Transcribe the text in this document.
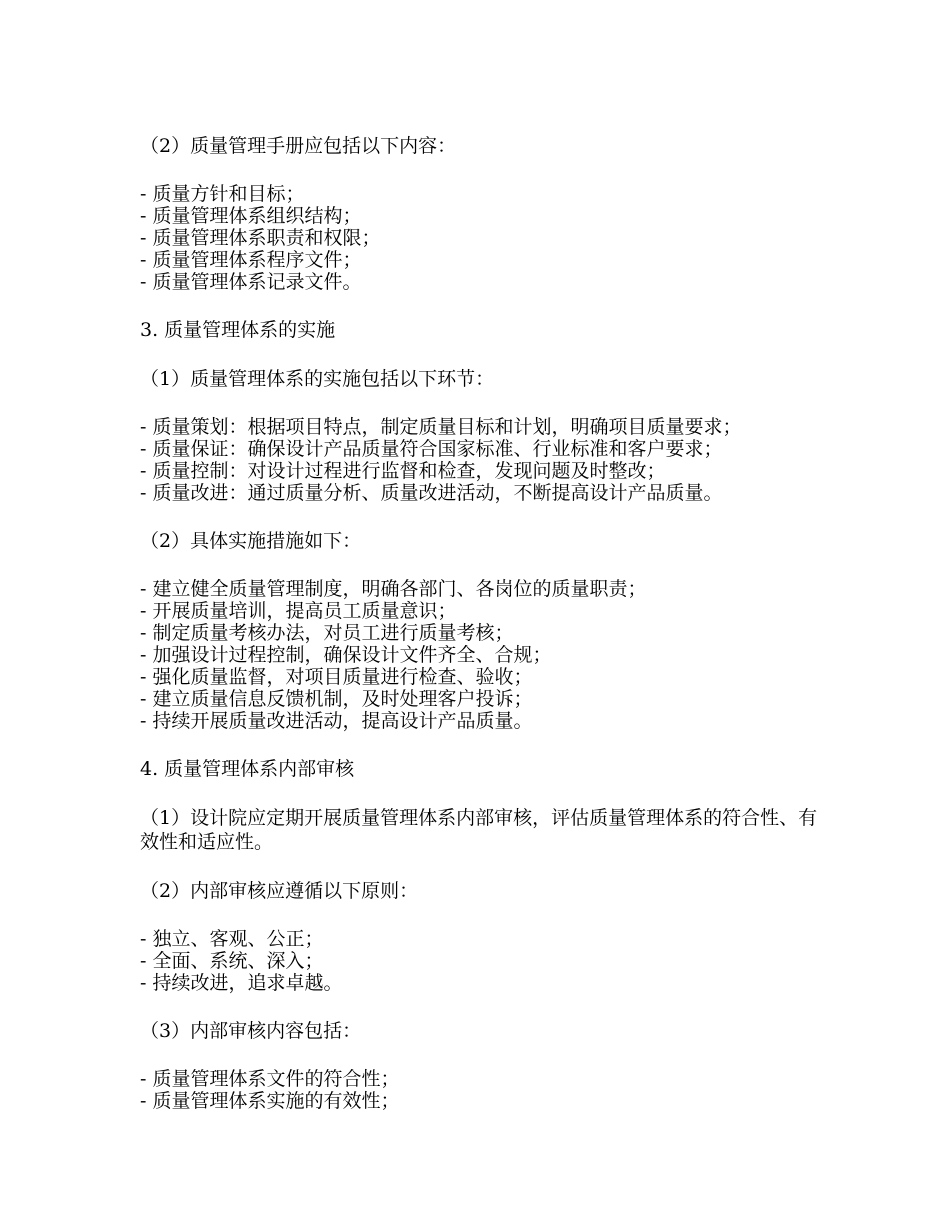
（2）质量管理手册应包括以下内容：

- 质量方针和目标；
- 质量管理体系组织结构；
- 质量管理体系职责和权限；
- 质量管理体系程序文件；
- 质量管理体系记录文件。

3. 质量管理体系的实施

（1）质量管理体系的实施包括以下环节：

- 质量策划：根据项目特点，制定质量目标和计划，明确项目质量要求；
- 质量保证：确保设计产品质量符合国家标准、行业标准和客户要求；
- 质量控制：对设计过程进行监督和检查，发现问题及时整改；
- 质量改进：通过质量分析、质量改进活动，不断提高设计产品质量。

（2）具体实施措施如下：

- 建立健全质量管理制度，明确各部门、各岗位的质量职责；
- 开展质量培训，提高员工质量意识；
- 制定质量考核办法，对员工进行质量考核；
- 加强设计过程控制，确保设计文件齐全、合规；
- 强化质量监督，对项目质量进行检查、验收；
- 建立质量信息反馈机制，及时处理客户投诉；
- 持续开展质量改进活动，提高设计产品质量。

4. 质量管理体系内部审核

（1）设计院应定期开展质量管理体系内部审核，评估质量管理体系的符合性、有效性和适应性。

（2）内部审核应遵循以下原则：

- 独立、客观、公正；
- 全面、系统、深入；
- 持续改进，追求卓越。

（3）内部审核内容包括：

- 质量管理体系文件的符合性；
- 质量管理体系实施的有效性；
